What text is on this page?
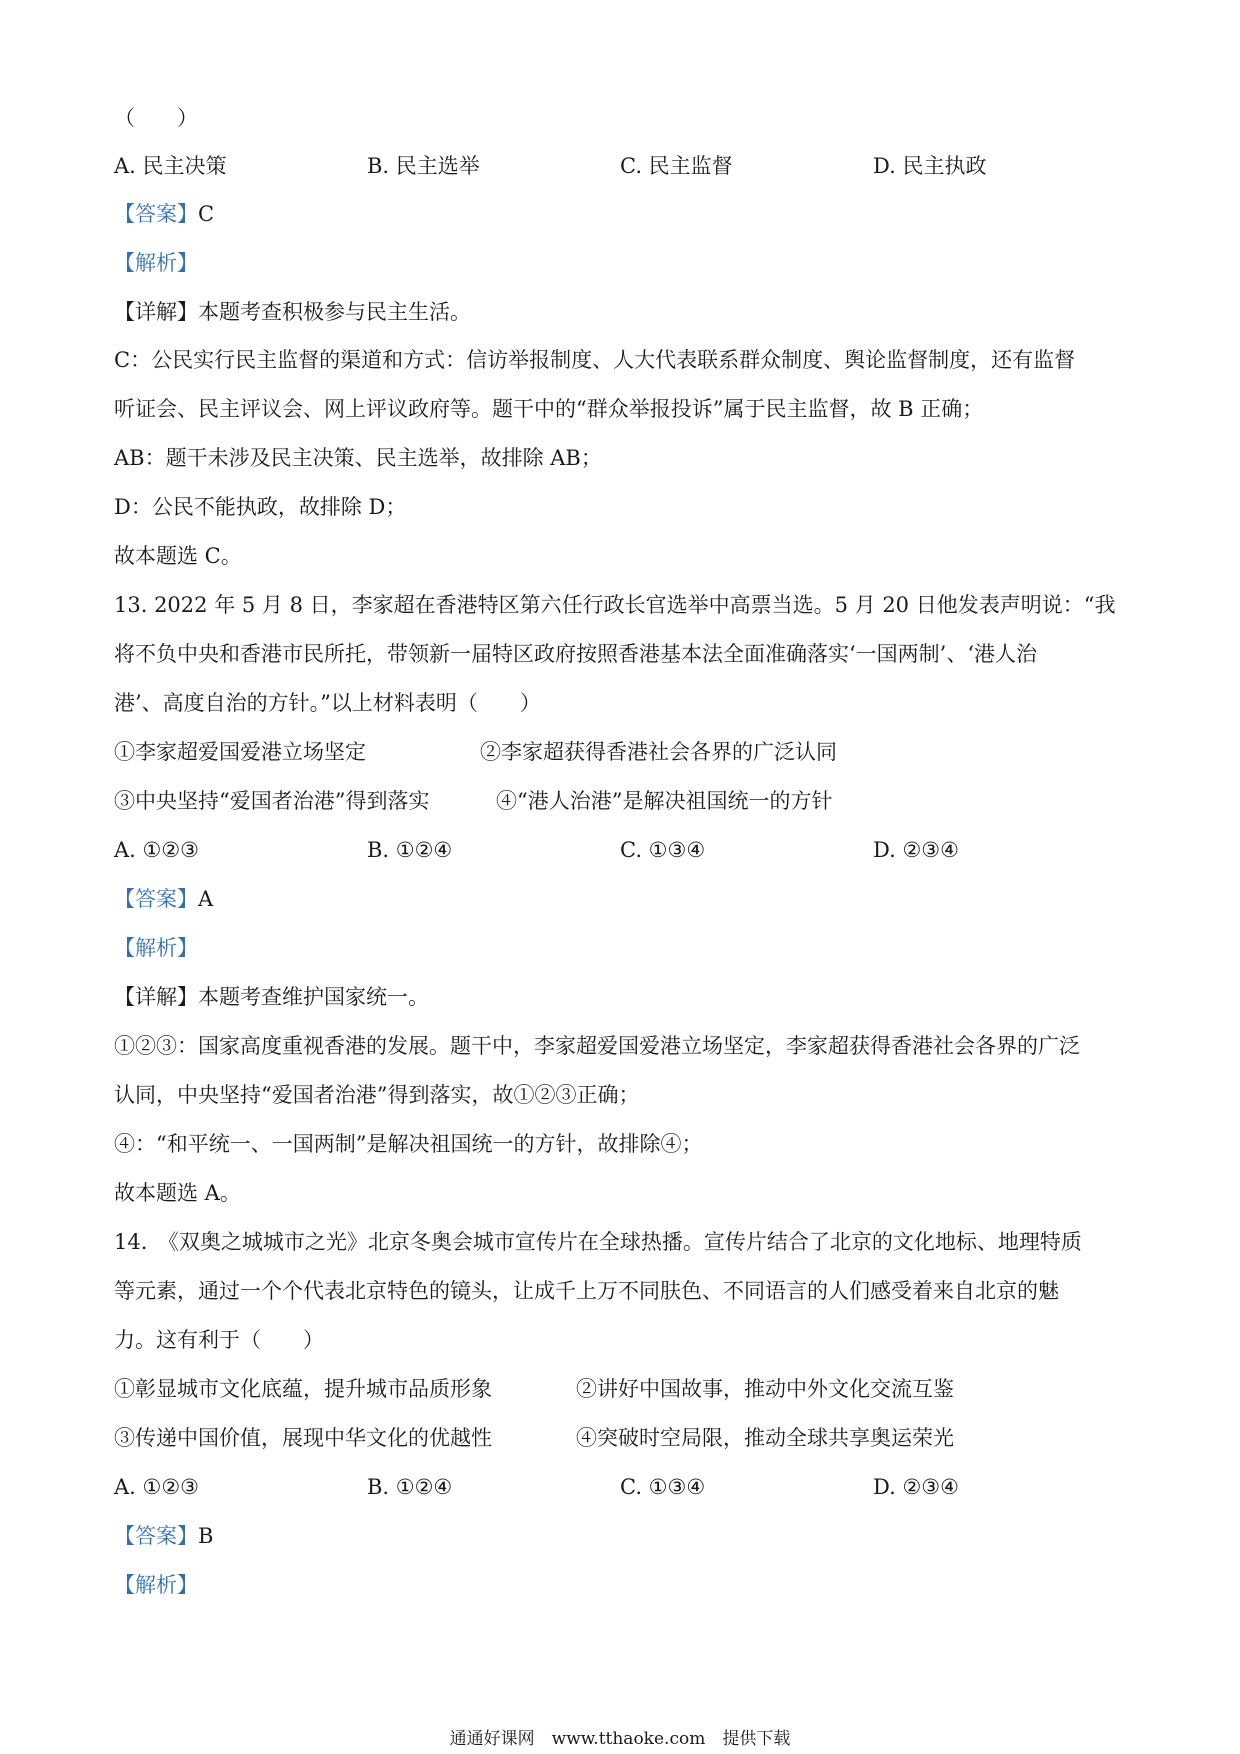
（　　）
A. 民主决策	B. 民主选举	C. 民主监督	D. 民主执政
【答案】C
【解析】
【详解】本题考查积极参与民主生活。
C：公民实行民主监督的渠道和方式：信访举报制度、人大代表联系群众制度、舆论监督制度，还有监督
听证会、民主评议会、网上评议政府等。题干中的“群众举报投诉”属于民主监督，故 B 正确；
AB：题干未涉及民主决策、民主选举，故排除 AB；
D：公民不能执政，故排除 D；
故本题选 C。
13. 2022 年 5 月 8 日，李家超在香港特区第六任行政长官选举中高票当选。5 月 20 日他发表声明说：“我
将不负中央和香港市民所托，带领新一届特区政府按照香港基本法全面准确落实‘一国两制’、‘港人治
港’、高度自治的方针。”以上材料表明（　　）
①李家超爱国爱港立场坚定	②李家超获得香港社会各界的广泛认同
③中央坚持“爱国者治港”得到落实	④“港人治港”是解决祖国统一的方针
A. ①②③	B. ①②④	C. ①③④	D. ②③④
【答案】A
【解析】
【详解】本题考查维护国家统一。
①②③：国家高度重视香港的发展。题干中，李家超爱国爱港立场坚定，李家超获得香港社会各界的广泛
认同，中央坚持“爱国者治港”得到落实，故①②③正确；
④：“和平统一、一国两制”是解决祖国统一的方针，故排除④；
故本题选 A。
14.　《双奥之城城市之光》北京冬奥会城市宣传片在全球热播。宣传片结合了北京的文化地标、地理特质
等元素，通过一个个代表北京特色的镜头，让成千上万不同肤色、不同语言的人们感受着来自北京的魅
力。这有利于（　　）
①彰显城市文化底蕴，提升城市品质形象	②讲好中国故事，推动中外文化交流互鉴
③传递中国价值，展现中华文化的优越性	④突破时空局限，推动全球共享奥运荣光
A. ①②③	B. ①②④	C. ①③④	D. ②③④
【答案】B
【解析】
通通好课网　www.tthaoke.com　提供下载
